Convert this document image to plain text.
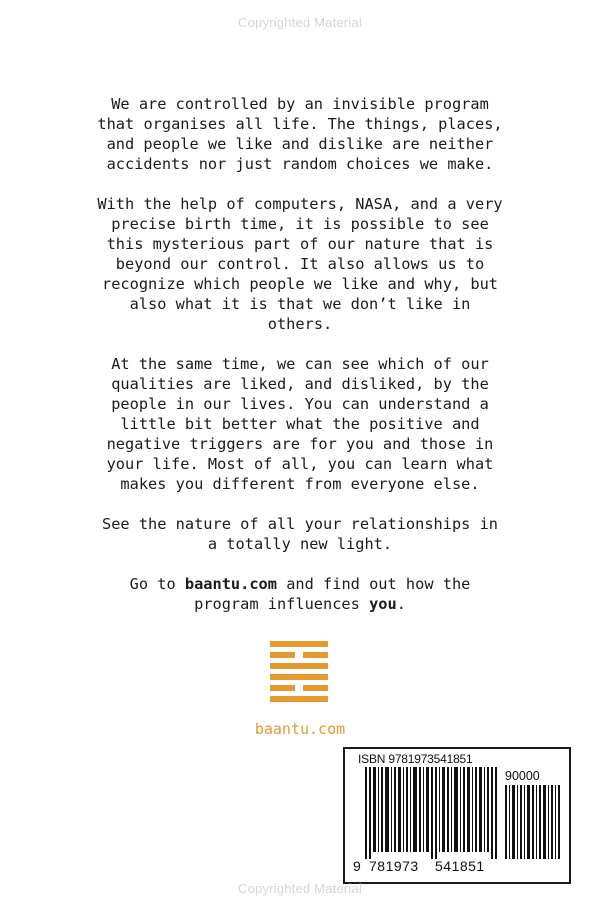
Copyrighted Material

We are controlled by an invisible program
that organises all life. The things, places,
and people we like and dislike are neither
accidents nor just random choices we make.

With the help of computers, NASA, and a very
precise birth time, it is possible to see
this mysterious part of our nature that is
beyond our control. It also allows us to
recognize which people we like and why, but
also what it is that we don’t like in
others.

At the same time, we can see which of our
qualities are liked, and disliked, by the
people in our lives. You can understand a
little bit better what the positive and
negative triggers are for you and those in
your life. Most of all, you can learn what
makes you different from everyone else.

See the nature of all your relationships in
a totally new light.

Go to baantu.com and find out how the
program influences you.

baantu.com
ISBN 9781973541851
90000
9 781973 541851
Copyrighted Material
